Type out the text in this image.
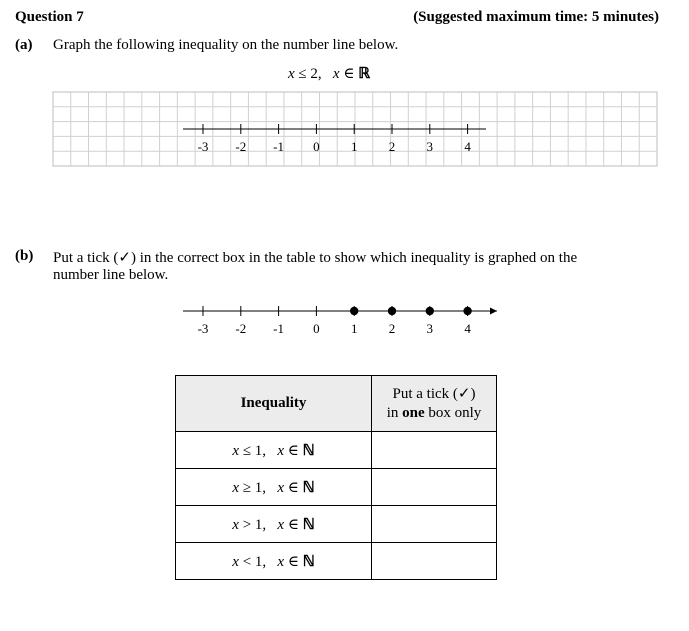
Question 7	(Suggested maximum time: 5 minutes)
(a) Graph the following inequality on the number line below.
x ≤ 2, x ∈ ℝ
-3 -2 -1 0 1 2 3 4
-3 -2 -1 0 1 2 3 4
(b) Put a tick (✓) in the correct box in the table to show which inequality is graphed on the
number line below.
Inequality	Put a tick (✓)
in one box only
x ≤ 1, x ∈ ℕ	
x ≥ 1, x ∈ ℕ	
x > 1, x ∈ ℕ	
x < 1, x ∈ ℕ	
